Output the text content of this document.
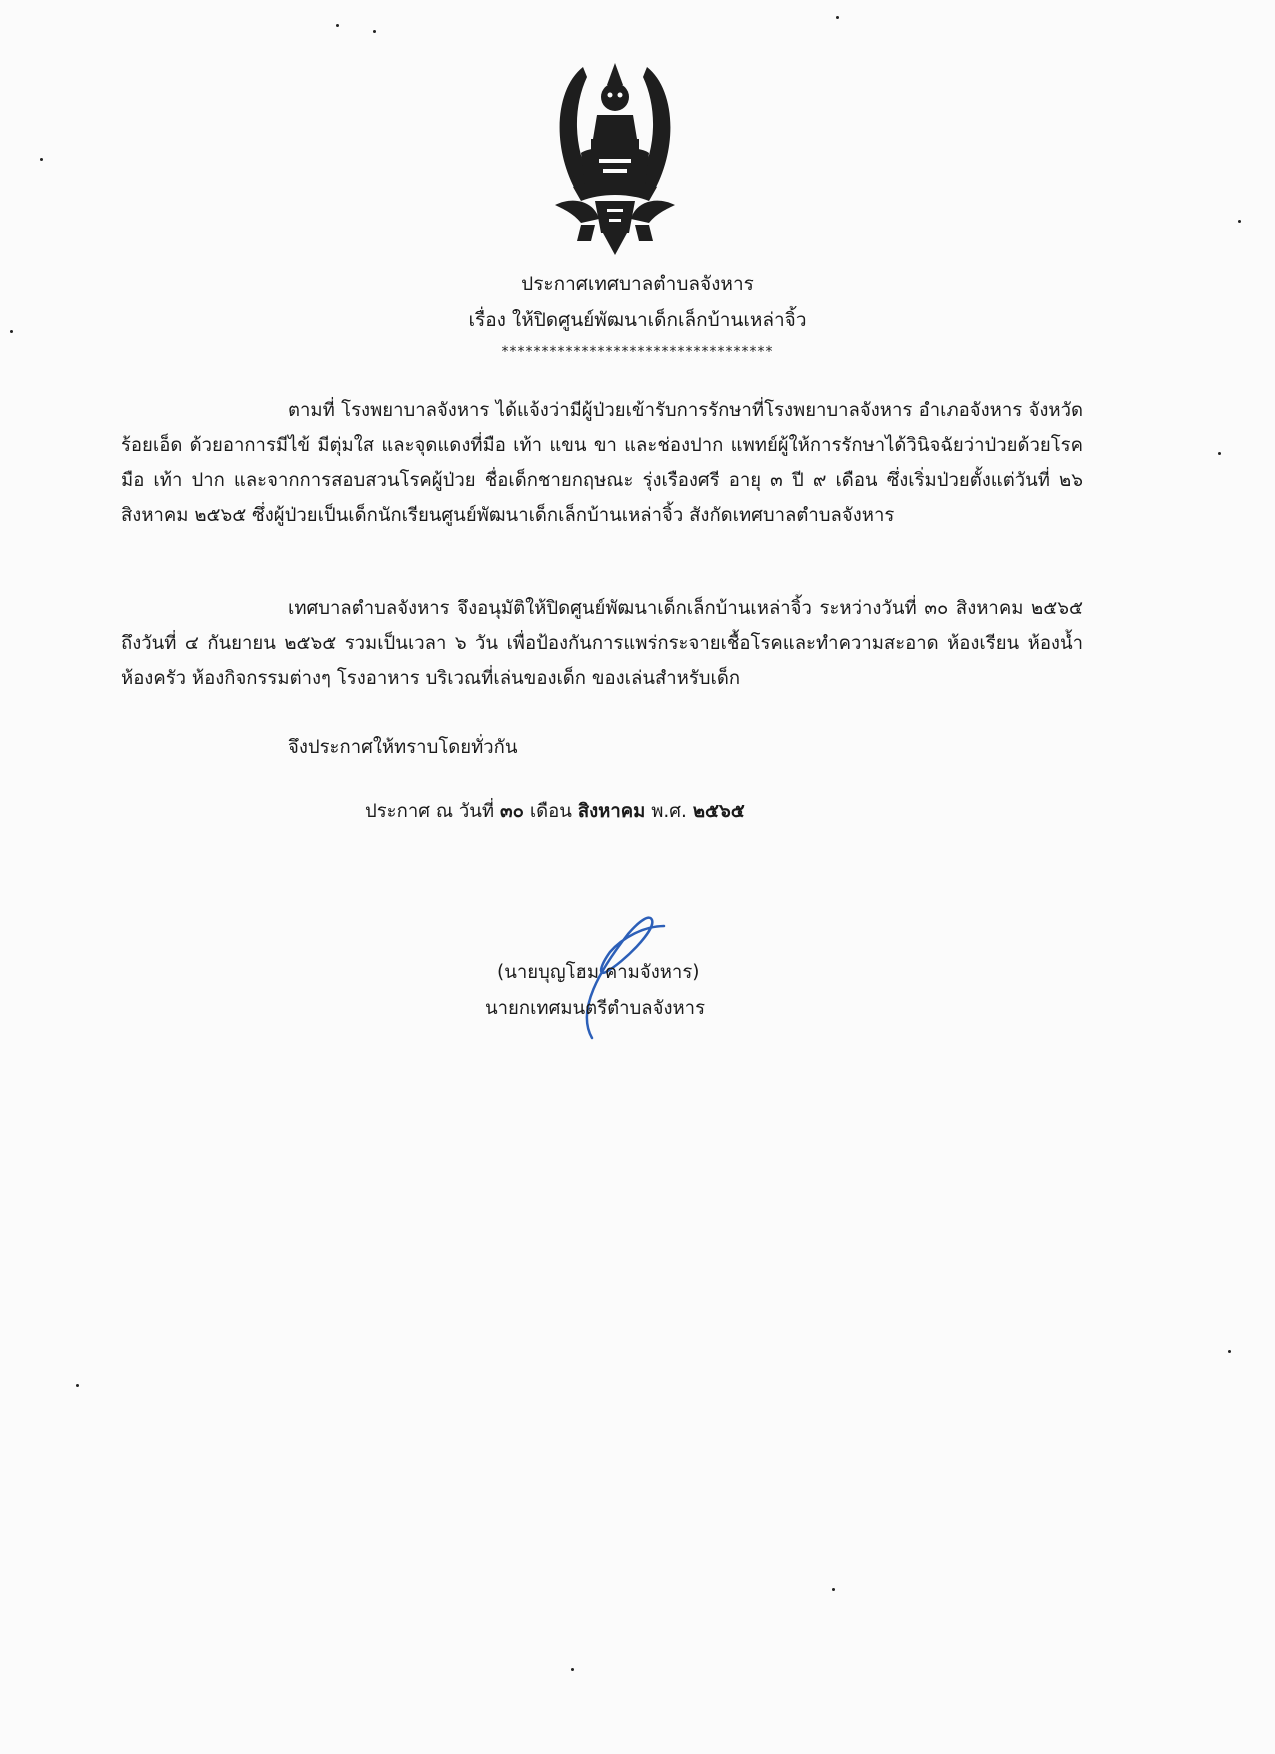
ประกาศเทศบาลตำบลจังหาร
เรื่อง ให้ปิดศูนย์พัฒนาเด็กเล็กบ้านเหล่าจิ้ว
**********************************

ตามที่ โรงพยาบาลจังหาร ได้แจ้งว่ามีผู้ป่วยเข้ารับการรักษาที่โรงพยาบาลจังหาร อำเภอจังหาร จังหวัดร้อยเอ็ด ด้วยอาการมีไข้ มีตุ่มใส และจุดแดงที่มือ เท้า แขน ขา และช่องปาก แพทย์ผู้ให้การรักษาได้วินิจฉัยว่าป่วยด้วยโรค มือ เท้า ปาก และจากการสอบสวนโรคผู้ป่วย ชื่อเด็กชายกฤษณะ รุ่งเรืองศรี อายุ ๓ ปี ๙ เดือน ซึ่งเริ่มป่วยตั้งแต่วันที่ ๒๖ สิงหาคม ๒๕๖๕ ซึ่งผู้ป่วยเป็นเด็กนักเรียนศูนย์พัฒนาเด็กเล็กบ้านเหล่าจิ้ว สังกัดเทศบาลตำบลจังหาร

เทศบาลตำบลจังหาร จึงอนุมัติให้ปิดศูนย์พัฒนาเด็กเล็กบ้านเหล่าจิ้ว ระหว่างวันที่ ๓๐ สิงหาคม ๒๕๖๕ ถึงวันที่ ๔ กันยายน ๒๕๖๕ รวมเป็นเวลา ๖ วัน เพื่อป้องกันการแพร่กระจายเชื้อโรคและทำความสะอาด ห้องเรียน ห้องน้ำ ห้องครัว ห้องกิจกรรมต่างๆ โรงอาหาร บริเวณที่เล่นของเด็ก ของเล่นสำหรับเด็ก

จึงประกาศให้ทราบโดยทั่วกัน
ประกาศ ณ วันที่ ๓๐ เดือน สิงหาคม พ.ศ. ๒๕๖๕
(นายบุญโฮม คามจังหาร)
นายกเทศมนตรีตำบลจังหาร
